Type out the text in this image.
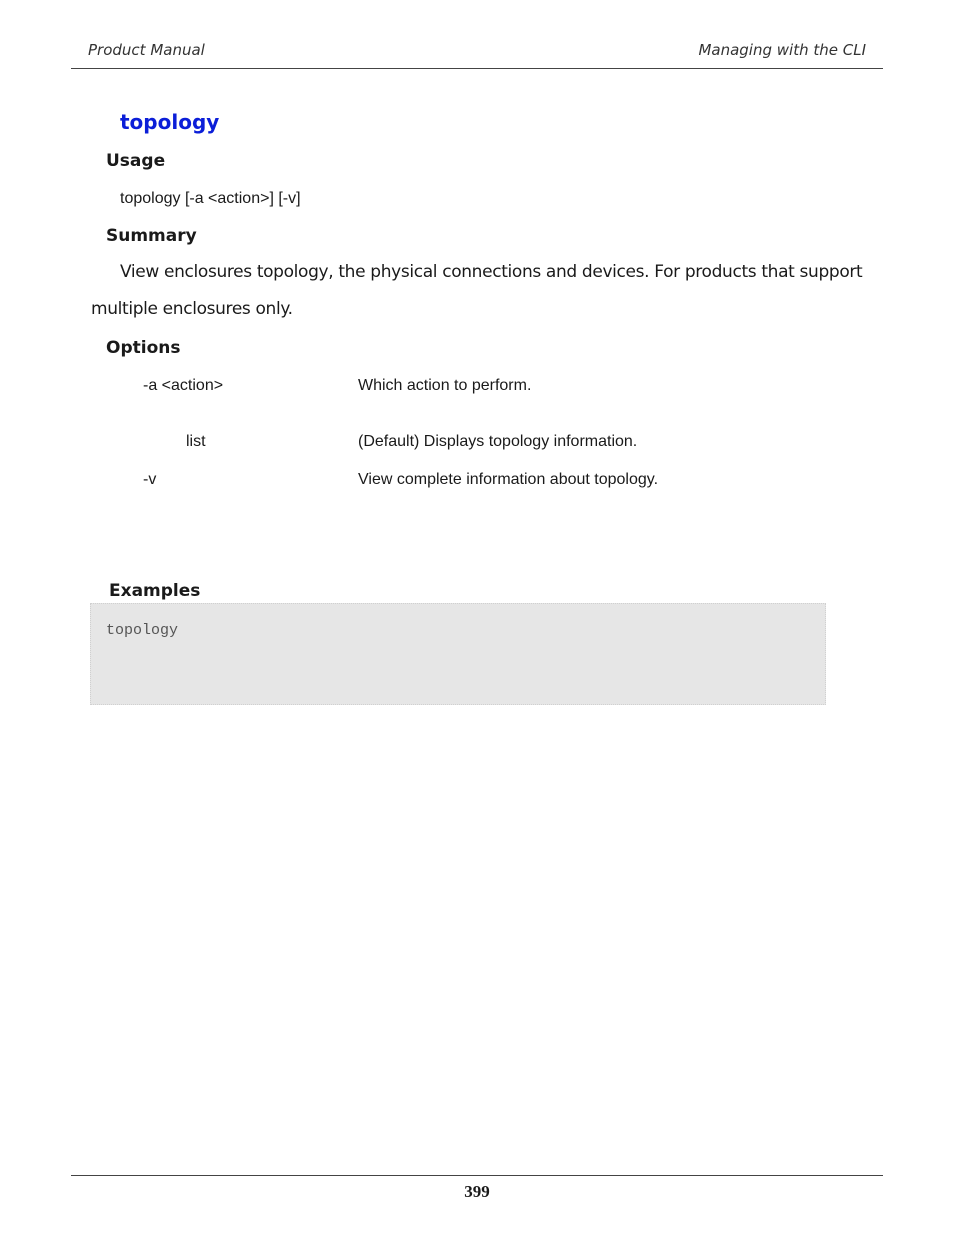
Product Manual	Managing with the CLI
topology
Usage
topology [-a <action>] [-v]
Summary
View enclosures topology, the physical connections and devices. For products that support
multiple enclosures only.
Options
-a <action>	Which action to perform.
list	(Default) Displays topology information.
-v	View complete information about topology.
Examples
topology
399
